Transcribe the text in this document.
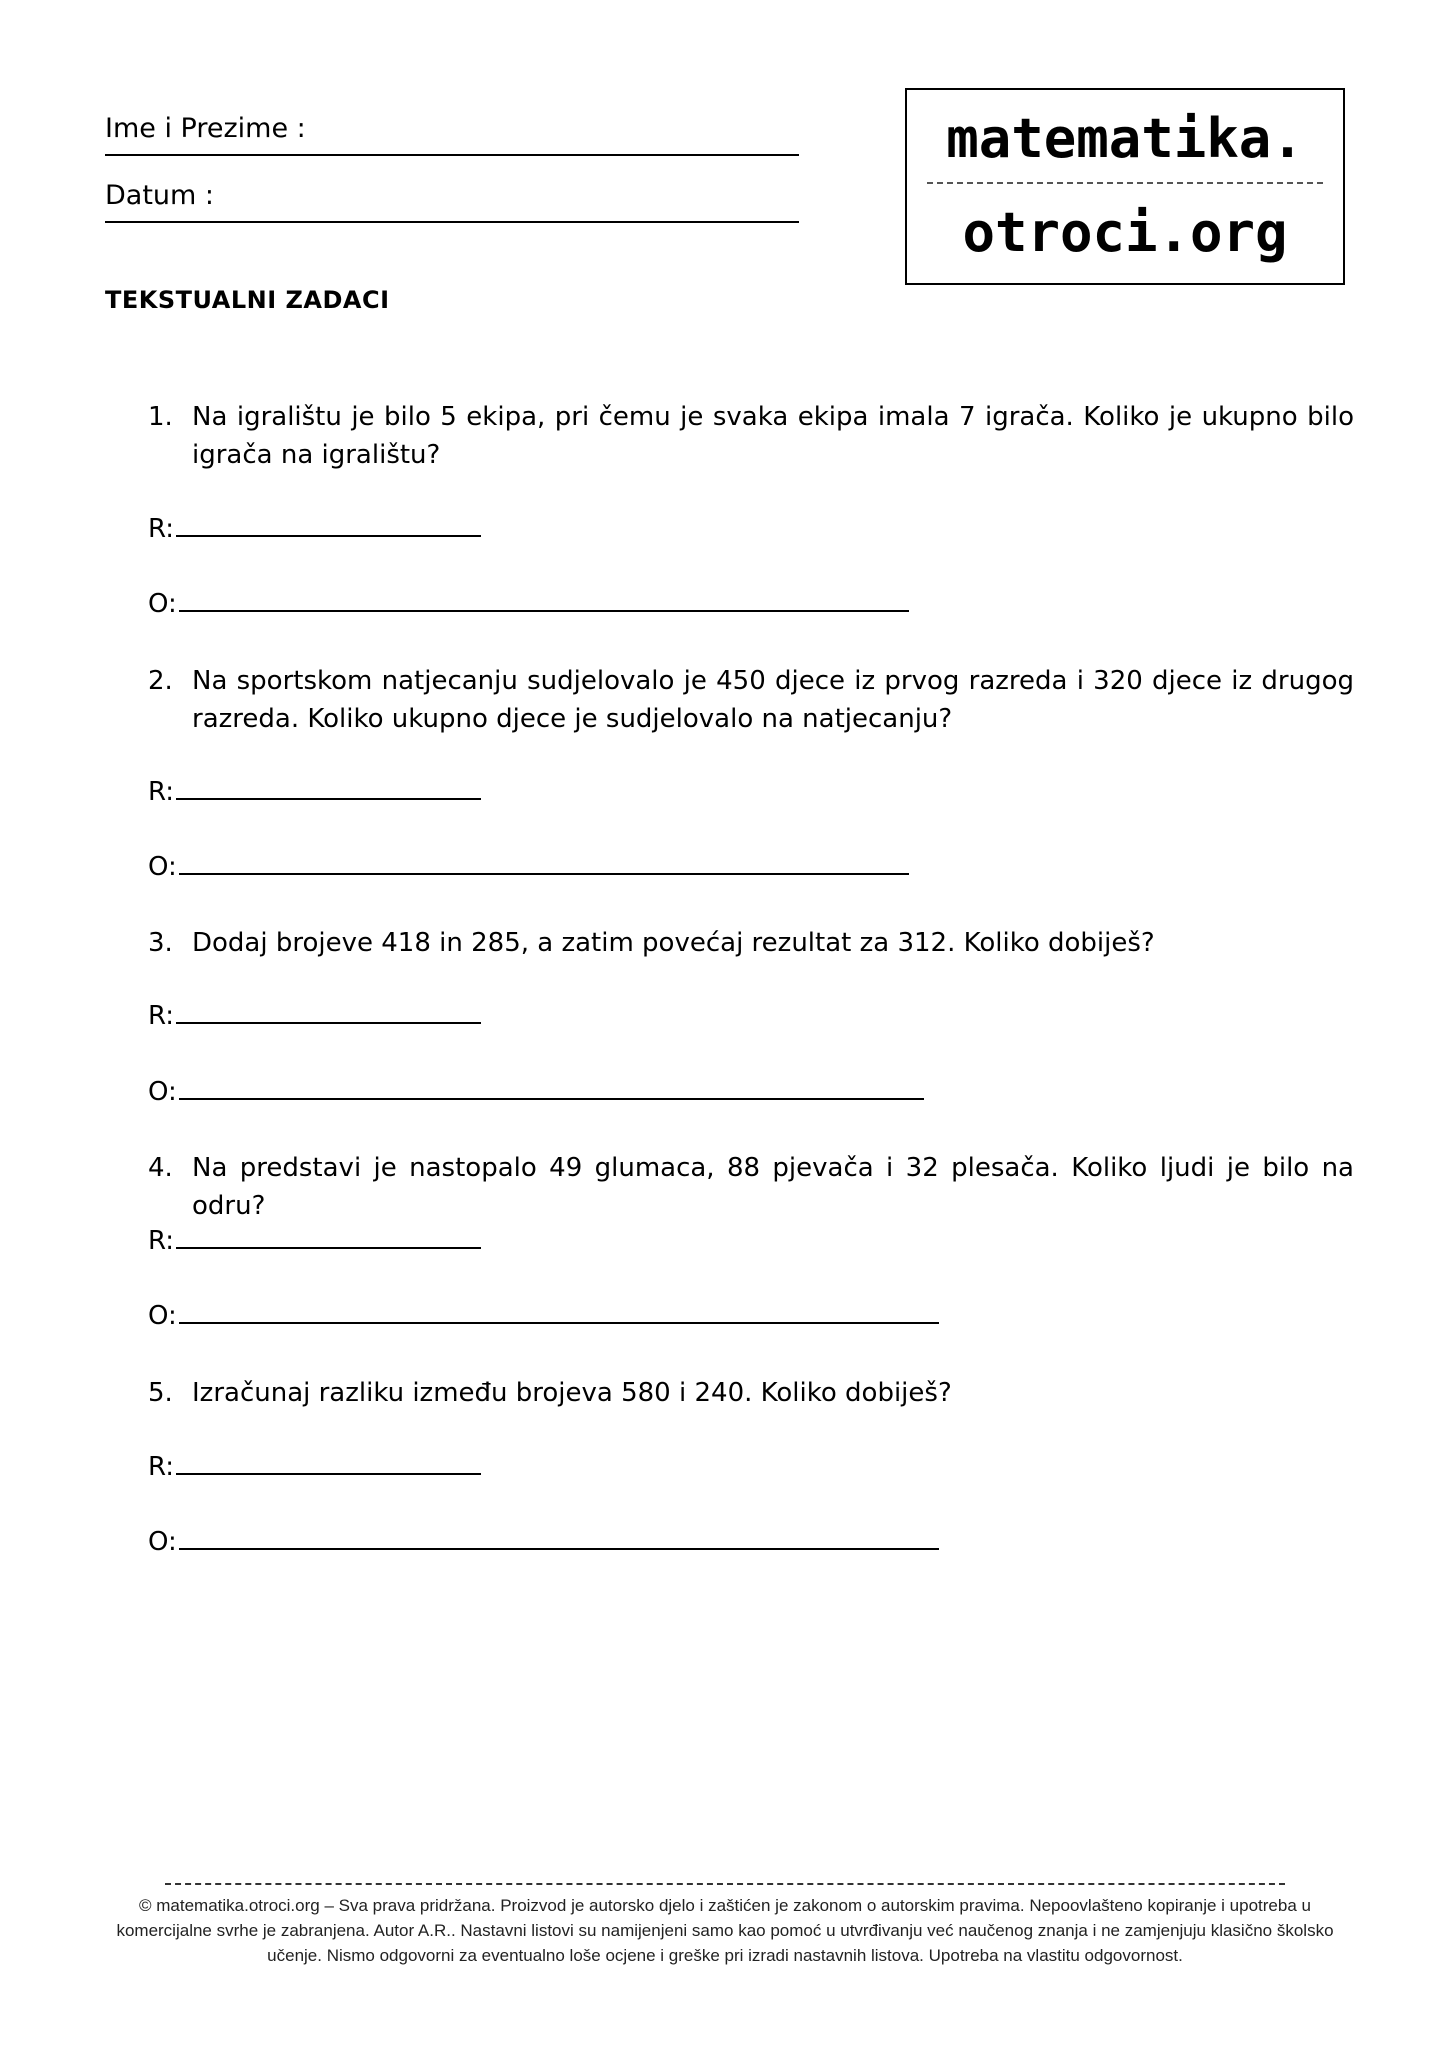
Ime i Prezime :
Datum :
matematika.
otroci.org
TEKSTUALNI ZADACI
1. Na igralištu je bilo 5 ekipa, pri čemu je svaka ekipa imala 7 igrača. Koliko je ukupno bilo igrača na igralištu?
R:
O:
2. Na sportskom natjecanju sudjelovalo je 450 djece iz prvog razreda i 320 djece iz drugog razreda. Koliko ukupno djece je sudjelovalo na natjecanju?
R:
O:
3. Dodaj brojeve 418 in 285, a zatim povećaj rezultat za 312. Koliko dobiješ?
R:
O:
4. Na predstavi je nastopalo 49 glumaca, 88 pjevača i 32 plesača. Koliko ljudi je bilo na odru?
R:
O:
5. Izračunaj razliku između brojeva 580 i 240. Koliko dobiješ?
R:
O:
© matematika.otroci.org – Sva prava pridržana. Proizvod je autorsko djelo i zaštićen je zakonom o autorskim pravima. Nepoovlašteno kopiranje i upotreba u komercijalne svrhe je zabranjena. Autor A.R.. Nastavni listovi su namijenjeni samo kao pomoć u utvrđivanju već naučenog znanja i ne zamjenjuju klasično školsko učenje. Nismo odgovorni za eventualno loše ocjene i greške pri izradi nastavnih listova. Upotreba na vlastitu odgovornost.
